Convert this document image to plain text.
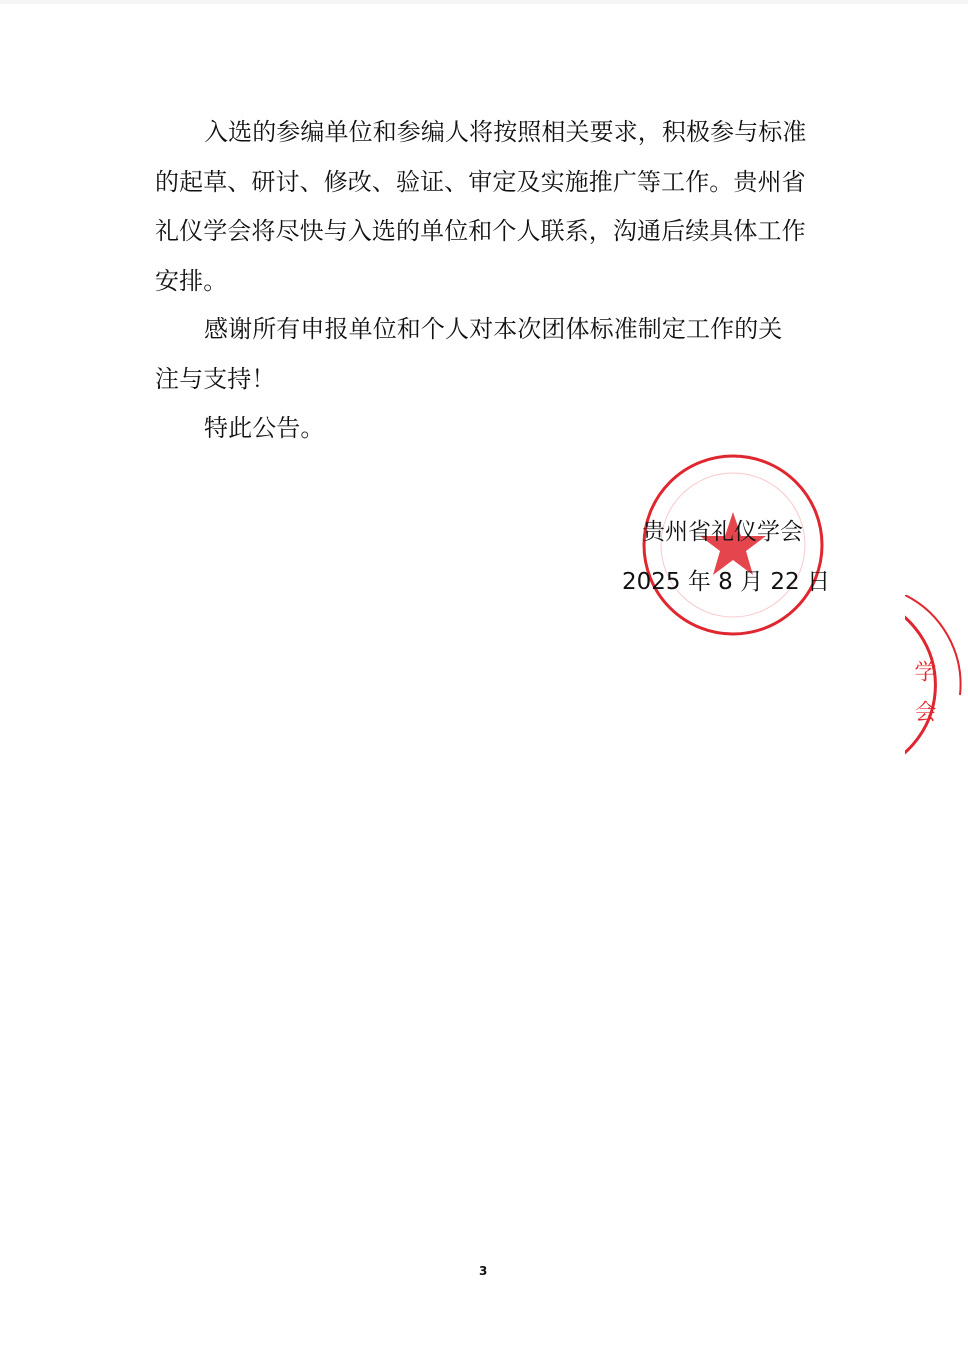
入选的参编单位和参编人将按照相关要求，积极参与标准
的起草、研讨、修改、验证、审定及实施推广等工作。贵州省
礼仪学会将尽快与入选的单位和个人联系，沟通后续具体工作
安排。
感谢所有申报单位和个人对本次团体标准制定工作的关
注与支持！
特此公告。
贵州省礼仪学会
2025 年 8 月 22 日
学会
3
